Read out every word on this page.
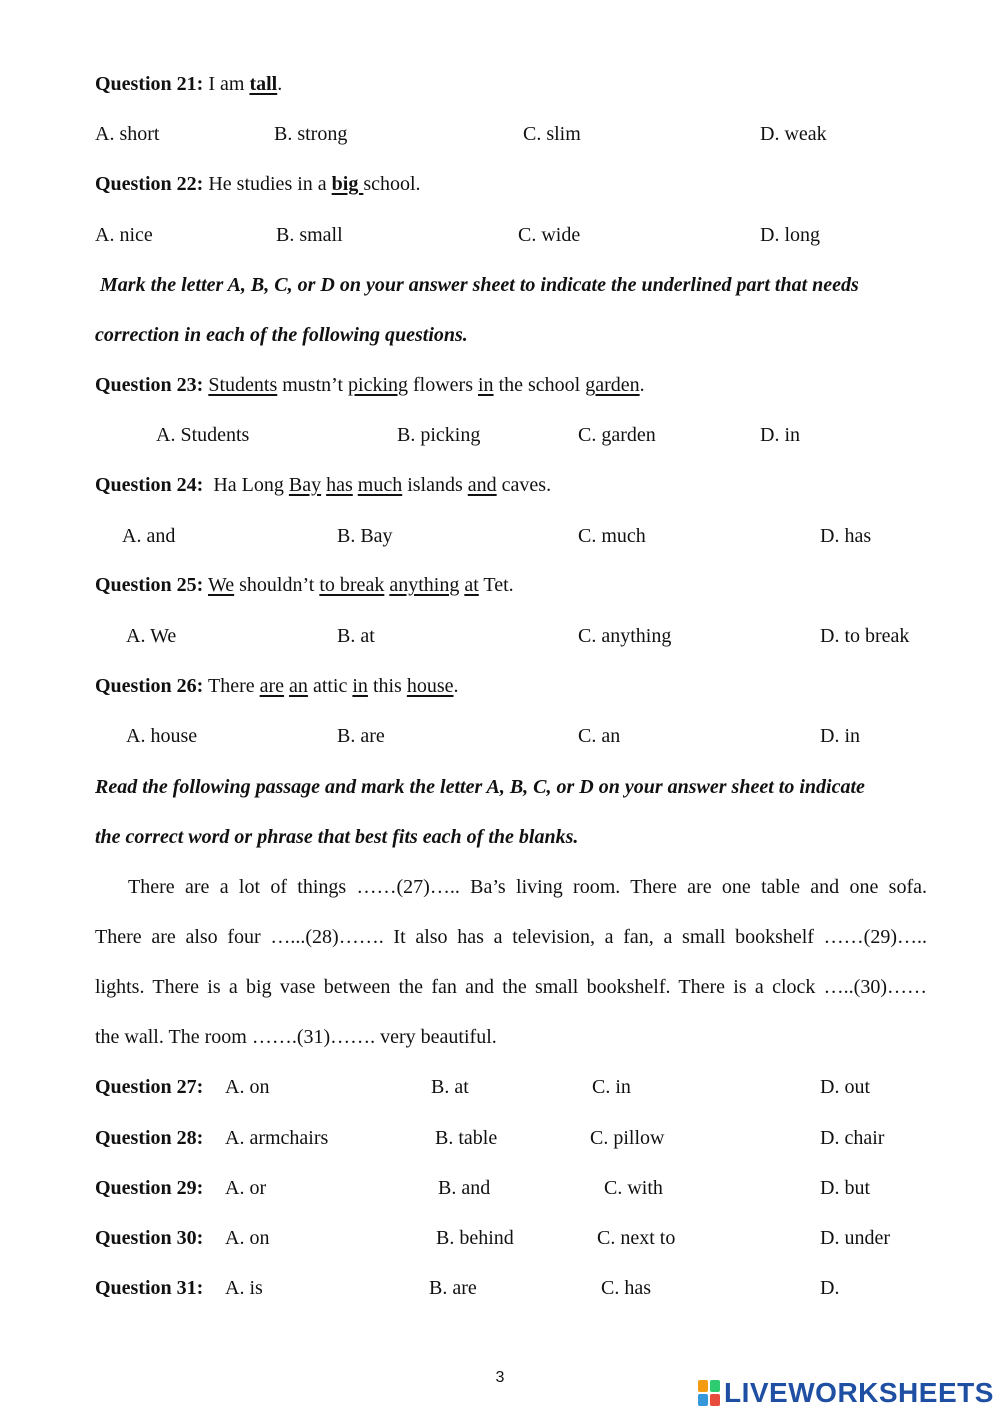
Question 21: I am tall.
A. short	B. strong	C. slim	D. weak
Question 22: He studies in a big school.
A. nice	B. small	C. wide	D. long
Mark the letter A, B, C, or D on your answer sheet to indicate the underlined part that needs
correction in each of the following questions.
Question 23: Students mustn’t picking flowers in the school garden.
A. Students	B. picking	C. garden	D. in
Question 24:  Ha Long Bay has much islands and caves.
A. and	B. Bay	C. much	D. has
Question 25: We shouldn’t to break anything at Tet.
A. We	B. at	C. anything	D. to break
Question 26: There are an attic in this house.
A. house	B. are	C. an	D. in
Read the following passage and mark the letter A, B, C, or D on your answer sheet to indicate
the correct word or phrase that best fits each of the blanks.
There are a lot of things ……(27)….. Ba’s living room. There are one table and one sofa.
There are also four …...(28)……. It also has a television, a fan, a small bookshelf ……(29)…..
lights. There is a big vase between the fan and the small bookshelf. There is a clock …..(30)……
the wall. The room …….(31)……. very beautiful.
Question 27: A. on	B. at	C. in	D. out
Question 28: A. armchairs	B. table	C. pillow	D. chair
Question 29: A. or	B. and	C. with	D. but
Question 30: A. on	B. behind	C. next to	D. under
Question 31: A. is	B. are	C. has	D.
3	LIVEWORKSHEETS
